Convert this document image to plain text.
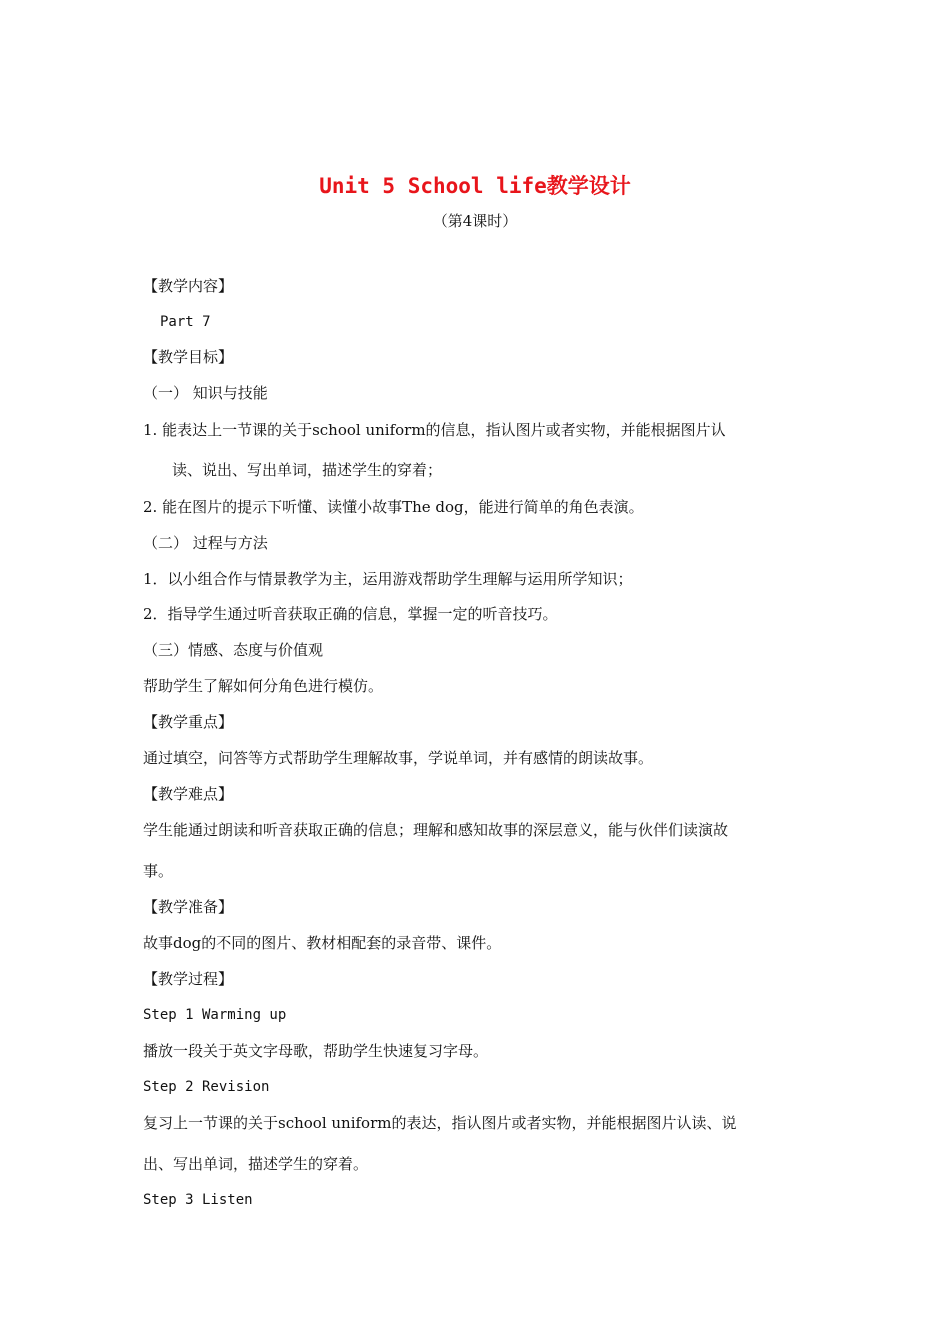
Unit 5 School life教学设计
（第4课时）
【教学内容】
Part 7
【教学目标】
（一） 知识与技能
1. 能表达上一节课的关于school uniform的信息，指认图片或者实物，并能根据图片认
读、说出、写出单词，描述学生的穿着；
2. 能在图片的提示下听懂、读懂小故事The dog，能进行简单的角色表演。
（二） 过程与方法
1．以小组合作与情景教学为主，运用游戏帮助学生理解与运用所学知识；
2．指导学生通过听音获取正确的信息，掌握一定的听音技巧。
（三）情感、态度与价值观
帮助学生了解如何分角色进行模仿。
【教学重点】
通过填空，问答等方式帮助学生理解故事，学说单词，并有感情的朗读故事。
【教学难点】
学生能通过朗读和听音获取正确的信息；理解和感知故事的深层意义，能与伙伴们读演故
事。
【教学准备】
故事dog的不同的图片、教材相配套的录音带、课件。
【教学过程】
Step 1 Warming up
播放一段关于英文字母歌，帮助学生快速复习字母。
Step 2 Revision
复习上一节课的关于school uniform的表达，指认图片或者实物，并能根据图片认读、说
出、写出单词，描述学生的穿着。
Step 3 Listen
